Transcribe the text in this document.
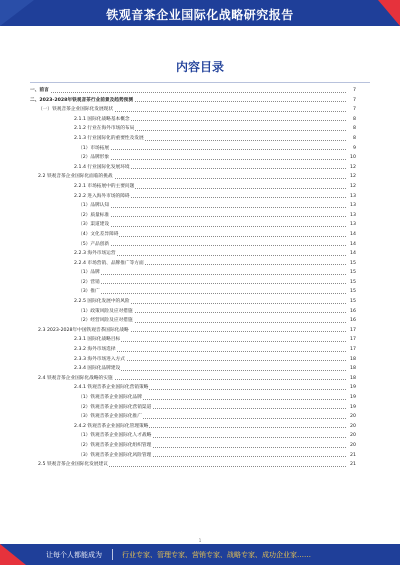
铁观音茶企业国际化战略研究报告
内容目录
一、前言	7
二、2023-2028年铁观音茶行业前景及趋势预测	7
（一）铁观音茶企业国际化发展现状	7
2.1.1 国际化战略基本概念	8
2.1.2 行业在海外市场的布局	8
2.1.3 行业国际化的重要性及发展	8
（1）市场拓展	9
（2）品牌形象	10
2.1.4 行业国际化发展环境	12
2.2 铁观音茶企业国际化面临的挑战	12
2.2.1 市场拓展中的主要问题	12
2.2.2 进入海外市场的障碍	13
（1）品牌认知	13
（2）质量标准	13
（3）渠道建设	13
（4）文化差异障碍	14
（5）产品创新	14
2.2.3 海外市场运营	14
2.2.4 市场营销、品牌推广等方面	15
（1）品牌	15
（2）营销	15
（3）推广	15
2.2.5 国际化发展中的风险	15
（1）政策风险及应对措施	16
（2）经营风险及应对措施	16
2.3 2023-2028年中国铁观音茶国际化战略	17
2.3.1 国际化战略目标	17
2.3.2 海外市场选择	17
2.3.3 海外市场进入方式	18
2.3.4 国际化品牌建设	18
2.4 铁观音茶企业国际化战略的实施	18
2.4.1 铁观音茶企业国际化营销策略	19
（1）铁观音茶企业国际化品牌	19
（2）铁观音茶企业国际化营销渠道	19
（3）铁观音茶企业国际化推广	20
2.4.2 铁观音茶企业国际化管理策略	20
（1）铁观音茶企业国际化人才战略	20
（2）铁观音茶企业国际化组织管理	20
（3）铁观音茶企业国际化风险管理	21
2.5 铁观音茶企业国际化发展建议	21
1
让每个人都能成为	行业专家、管理专家、营销专家、战略专家、成功企业家……
